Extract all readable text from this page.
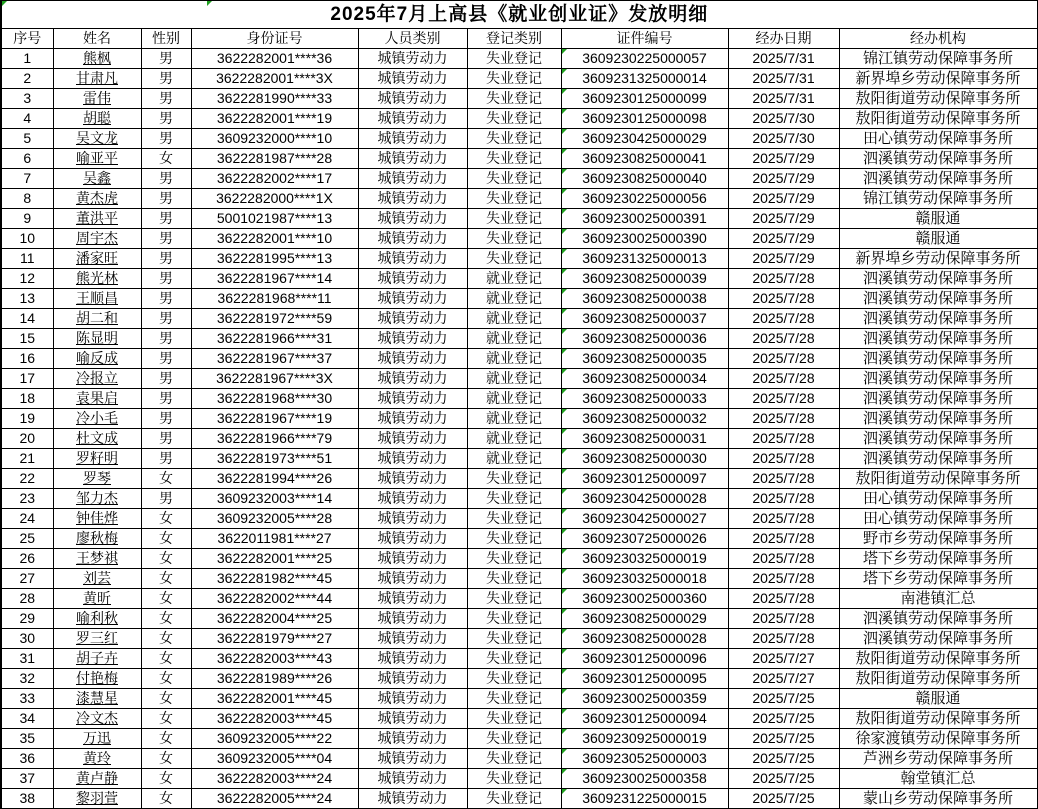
2025年7月上高县《就业创业证》发放明细								
序号	姓名	性别	身份证号	人员类别	登记类别	证件编号	经办日期	经办机构
1	熊枫	男	3622282001****36	城镇劳动力	失业登记	3609230225000057	2025/7/31	锦江镇劳动保障事务所
2	甘肃凡	男	3622282001****3X	城镇劳动力	失业登记	3609231325000014	2025/7/31	新界埠乡劳动保障事务所
3	雷伟	男	3622281990****33	城镇劳动力	失业登记	3609230125000099	2025/7/31	敖阳街道劳动保障事务所
4	胡聪	男	3622282001****19	城镇劳动力	失业登记	3609230125000098	2025/7/30	敖阳街道劳动保障事务所
5	吴文龙	男	3609232000****10	城镇劳动力	失业登记	3609230425000029	2025/7/30	田心镇劳动保障事务所
6	喻亚平	女	3622281987****28	城镇劳动力	失业登记	3609230825000041	2025/7/29	泗溪镇劳动保障事务所
7	吴鑫	男	3622282002****17	城镇劳动力	失业登记	3609230825000040	2025/7/29	泗溪镇劳动保障事务所
8	黄杰虎	男	3622282000****1X	城镇劳动力	失业登记	3609230225000056	2025/7/29	锦江镇劳动保障事务所
9	董洪平	男	5001021987****13	城镇劳动力	失业登记	3609230025000391	2025/7/29	赣服通
10	周宇杰	男	3622282001****10	城镇劳动力	失业登记	3609230025000390	2025/7/29	赣服通
11	潘家旺	男	3622281995****13	城镇劳动力	失业登记	3609231325000013	2025/7/29	新界埠乡劳动保障事务所
12	熊光林	男	3622281967****14	城镇劳动力	就业登记	3609230825000039	2025/7/28	泗溪镇劳动保障事务所
13	王顺昌	男	3622281968****11	城镇劳动力	就业登记	3609230825000038	2025/7/28	泗溪镇劳动保障事务所
14	胡二和	男	3622281972****59	城镇劳动力	就业登记	3609230825000037	2025/7/28	泗溪镇劳动保障事务所
15	陈显明	男	3622281966****31	城镇劳动力	就业登记	3609230825000036	2025/7/28	泗溪镇劳动保障事务所
16	喻反成	男	3622281967****37	城镇劳动力	就业登记	3609230825000035	2025/7/28	泗溪镇劳动保障事务所
17	冷报立	男	3622281967****3X	城镇劳动力	就业登记	3609230825000034	2025/7/28	泗溪镇劳动保障事务所
18	袁果启	男	3622281968****30	城镇劳动力	就业登记	3609230825000033	2025/7/28	泗溪镇劳动保障事务所
19	冷小毛	男	3622281967****19	城镇劳动力	就业登记	3609230825000032	2025/7/28	泗溪镇劳动保障事务所
20	杜文成	男	3622281966****79	城镇劳动力	就业登记	3609230825000031	2025/7/28	泗溪镇劳动保障事务所
21	罗籽明	男	3622281973****51	城镇劳动力	就业登记	3609230825000030	2025/7/28	泗溪镇劳动保障事务所
22	罗琴	女	3622281994****26	城镇劳动力	失业登记	3609230125000097	2025/7/28	敖阳街道劳动保障事务所
23	邹力杰	男	3609232003****14	城镇劳动力	失业登记	3609230425000028	2025/7/28	田心镇劳动保障事务所
24	钟佳烨	女	3609232005****28	城镇劳动力	失业登记	3609230425000027	2025/7/28	田心镇劳动保障事务所
25	廖秋梅	女	3622011981****27	城镇劳动力	失业登记	3609230725000026	2025/7/28	野市乡劳动保障事务所
26	王梦祺	女	3622282001****25	城镇劳动力	失业登记	3609230325000019	2025/7/28	塔下乡劳动保障事务所
27	刘芸	女	3622281982****45	城镇劳动力	失业登记	3609230325000018	2025/7/28	塔下乡劳动保障事务所
28	黄昕	女	3622282002****44	城镇劳动力	失业登记	3609230025000360	2025/7/28	南港镇汇总
29	喻利秋	女	3622282004****25	城镇劳动力	失业登记	3609230825000029	2025/7/28	泗溪镇劳动保障事务所
30	罗三红	女	3622281979****27	城镇劳动力	失业登记	3609230825000028	2025/7/28	泗溪镇劳动保障事务所
31	胡子卉	女	3622282003****43	城镇劳动力	失业登记	3609230125000096	2025/7/27	敖阳街道劳动保障事务所
32	付艳梅	女	3622281989****26	城镇劳动力	失业登记	3609230125000095	2025/7/27	敖阳街道劳动保障事务所
33	漆慧星	女	3622282001****45	城镇劳动力	失业登记	3609230025000359	2025/7/25	赣服通
34	冷文杰	女	3622282003****45	城镇劳动力	失业登记	3609230125000094	2025/7/25	敖阳街道劳动保障事务所
35	万迅	女	3609232005****22	城镇劳动力	失业登记	3609230925000019	2025/7/25	徐家渡镇劳动保障事务所
36	黄玲	女	3609232005****04	城镇劳动力	失业登记	3609230525000003	2025/7/25	芦洲乡劳动保障事务所
37	黄卢静	女	3622282003****24	城镇劳动力	失业登记	3609230025000358	2025/7/25	翰堂镇汇总
38	黎羽萱	女	3622282005****24	城镇劳动力	失业登记	3609231225000015	2025/7/25	蒙山乡劳动保障事务所
